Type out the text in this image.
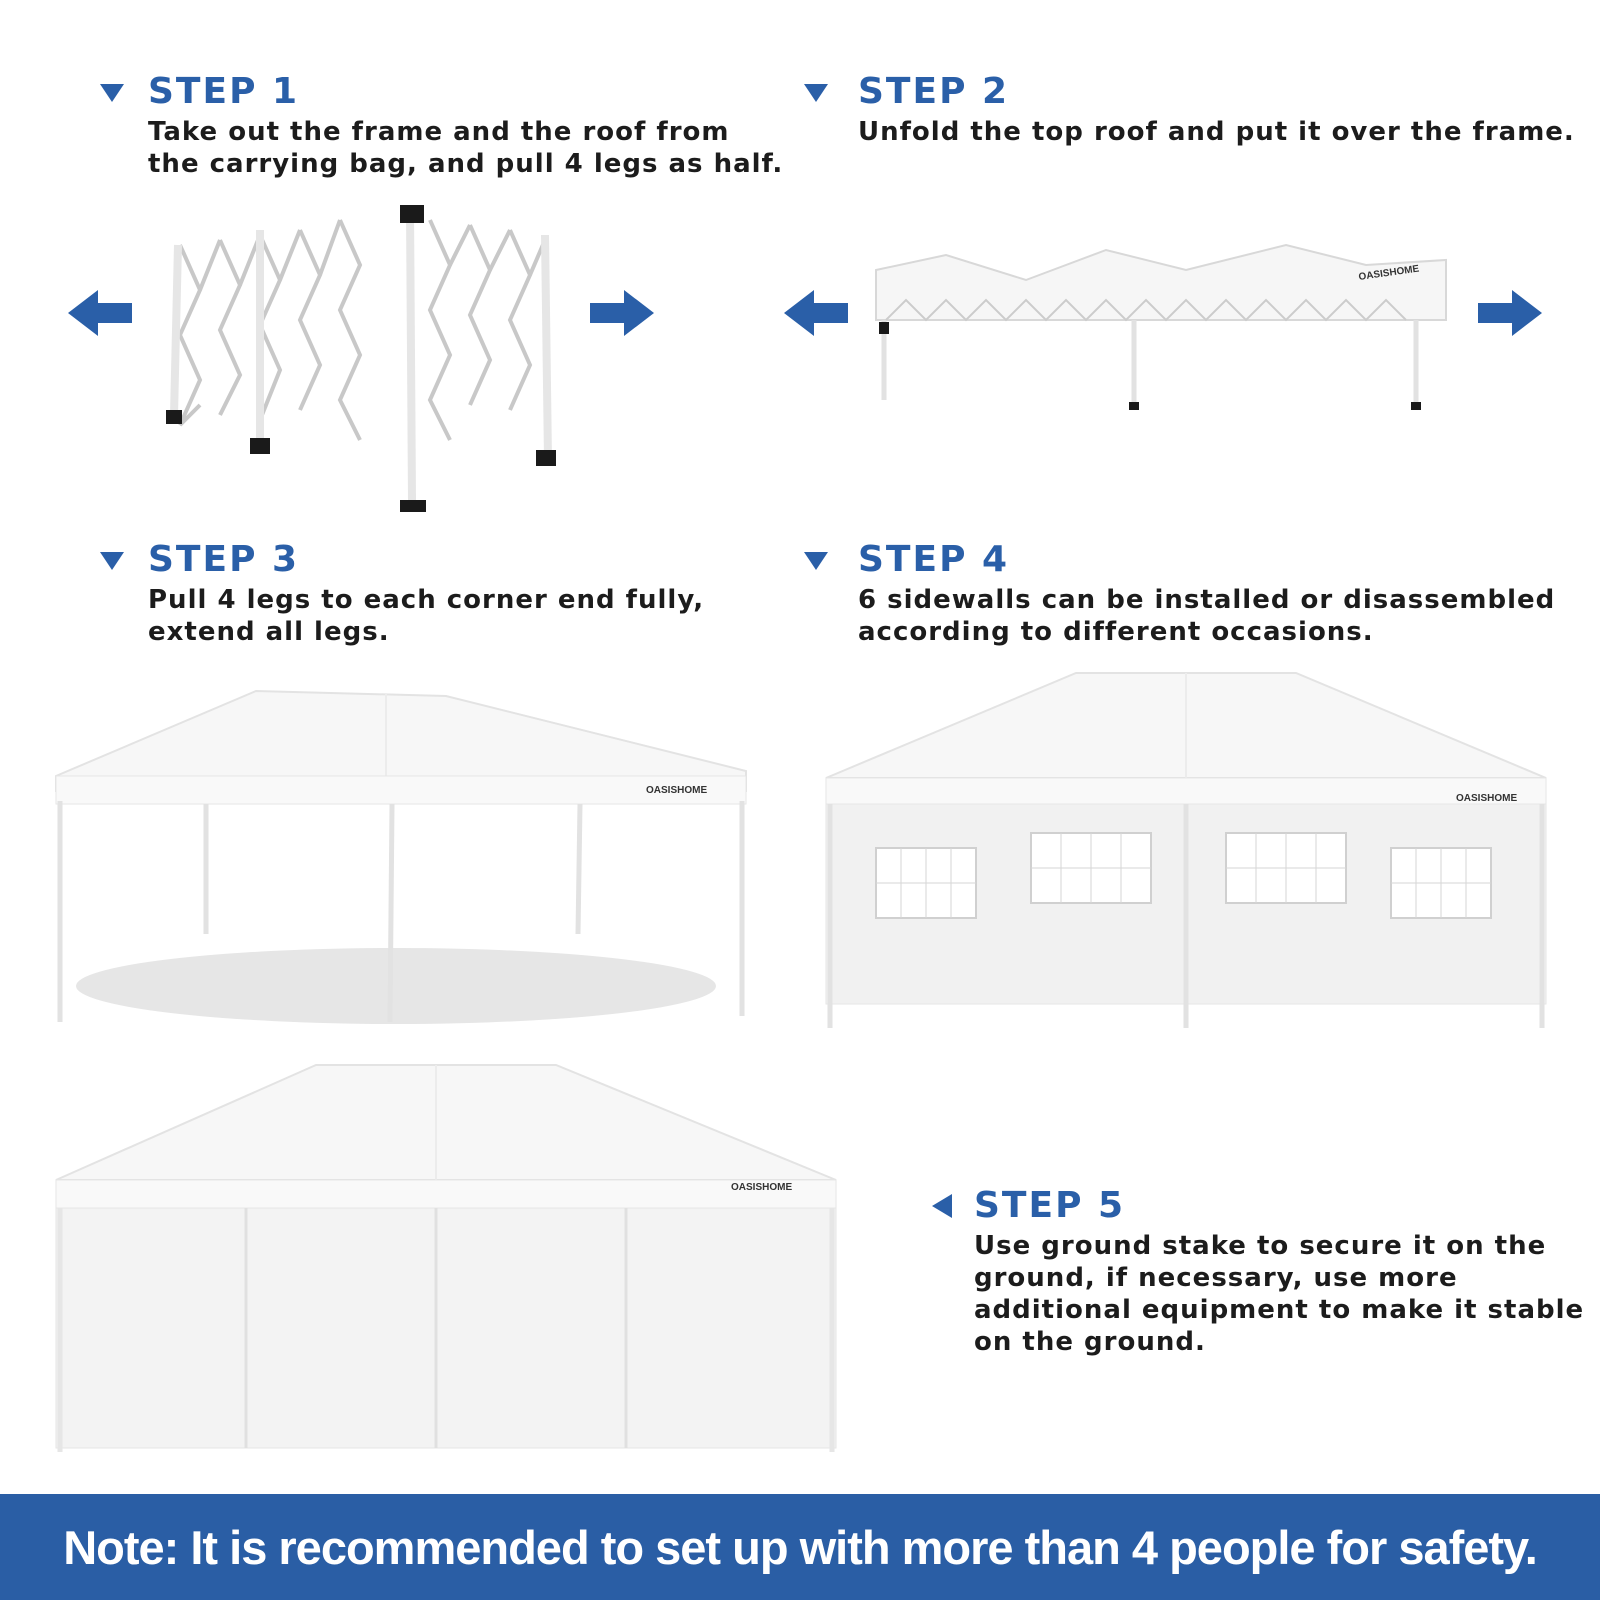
STEP 1
Take out the frame and the roof from
the carrying bag, and pull 4 legs as half.
STEP 2
Unfold the top roof and put it over the frame.
STEP 3
Pull 4 legs to each corner end fully,
extend all legs.
STEP 4
6 sidewalls can be installed or disassembled
according to different occasions.
STEP 5
Use ground stake to secure it on the
ground, if necessary, use more
additional equipment to make it stable
on the ground.
OASISHOME
OASISHOME
OASISHOME
OASISHOME
Note: It is recommended to set up with more than 4 people for safety.
